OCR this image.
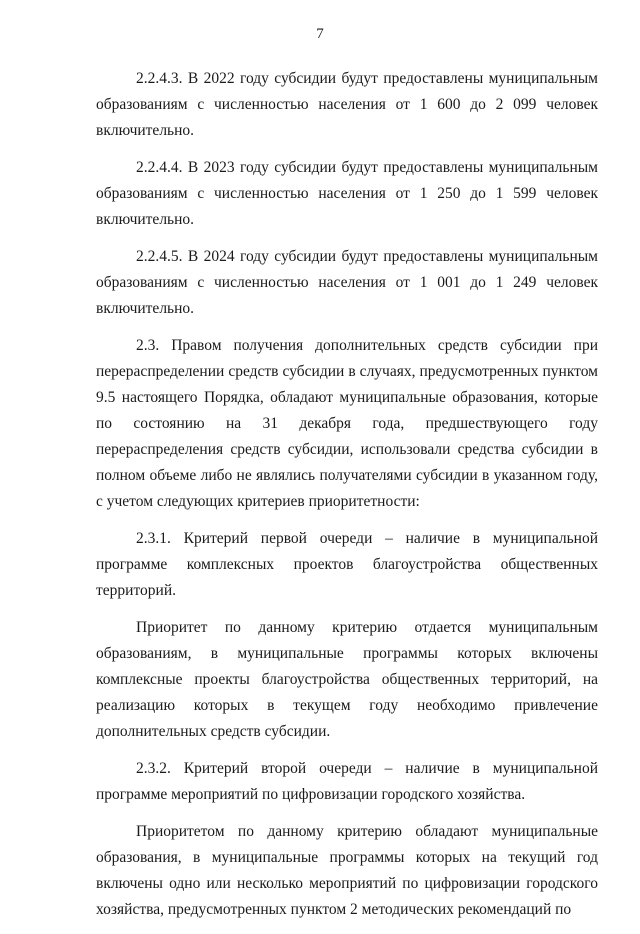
7

2.2.4.3. В 2022 году субсидии будут предоставлены муниципальным образованиям с численностью населения от 1 600 до 2 099 человек включительно.

2.2.4.4. В 2023 году субсидии будут предоставлены муниципальным образованиям с численностью населения от 1 250 до 1 599 человек включительно.

2.2.4.5. В 2024 году субсидии будут предоставлены муниципальным образованиям с численностью населения от 1 001 до 1 249 человек включительно.

2.3. Правом получения дополнительных средств субсидии при перераспределении средств субсидии в случаях, предусмотренных пунктом 9.5 настоящего Порядка, обладают муниципальные образования, которые по состоянию на 31 декабря года, предшествующего году перераспределения средств субсидии, использовали средства субсидии в полном объеме либо не являлись получателями субсидии в указанном году, с учетом следующих критериев приоритетности:

2.3.1. Критерий первой очереди – наличие в муниципальной программе комплексных проектов благоустройства общественных территорий.

Приоритет по данному критерию отдается муниципальным образованиям, в муниципальные программы которых включены комплексные проекты благоустройства общественных территорий, на реализацию которых в текущем году необходимо привлечение дополнительных средств субсидии.

2.3.2. Критерий второй очереди – наличие в муниципальной программе мероприятий по цифровизации городского хозяйства.

Приоритетом по данному критерию обладают муниципальные образования, в муниципальные программы которых на текущий год включены одно или несколько мероприятий по цифровизации городского хозяйства, предусмотренных пунктом 2 методических рекомендаций по
